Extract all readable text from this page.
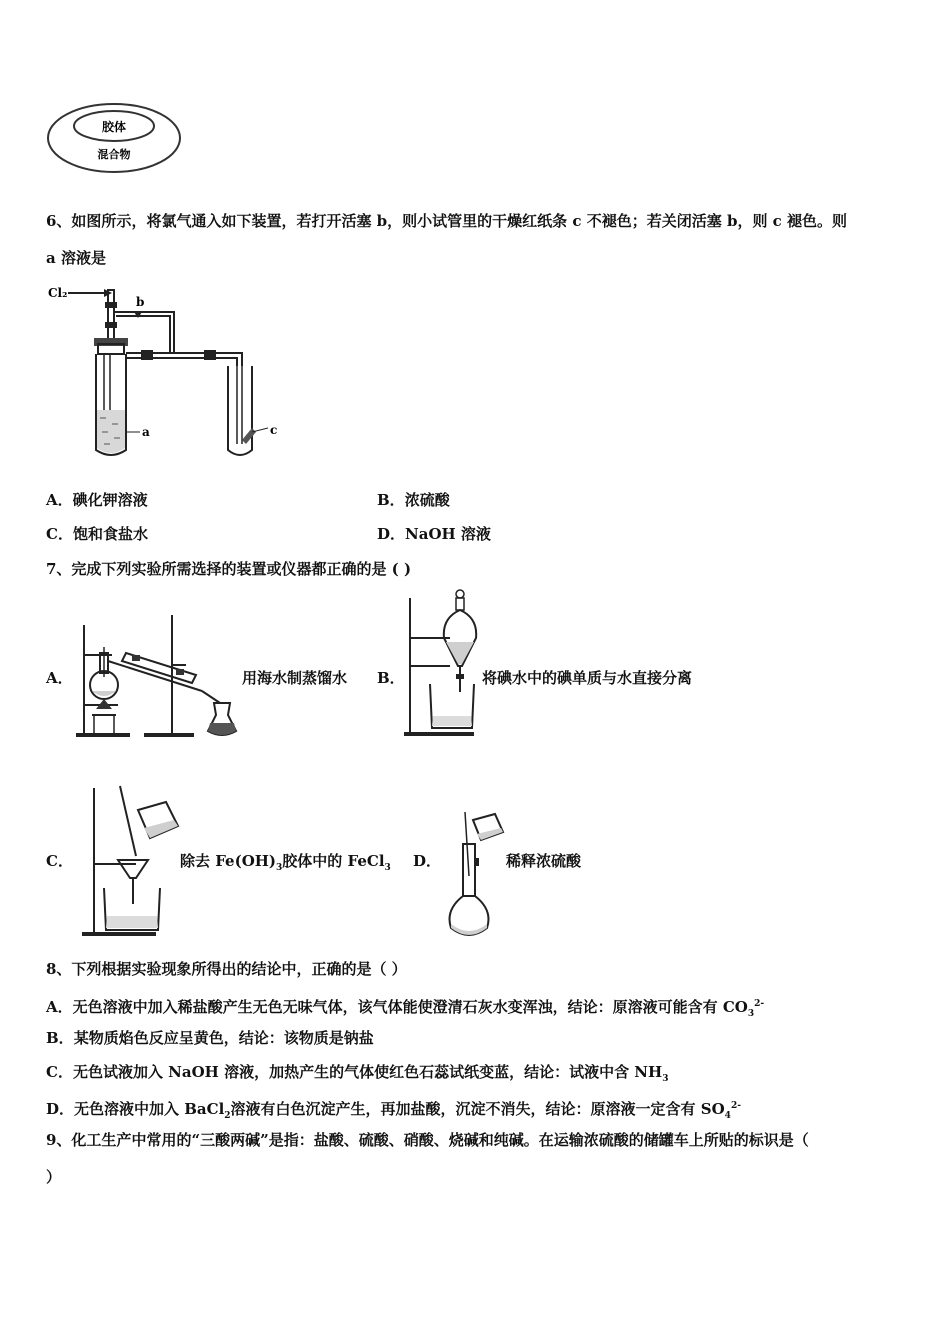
胶体
混合物
6、如图所示，将氯气通入如下装置，若打开活塞 b，则小试管里的干燥红纸条 c 不褪色；若关闭活塞 b，则 c 褪色。则
a 溶液是
Cl₂
b
a	c
A．碘化钾溶液	B．浓硫酸
C．饱和食盐水	D．NaOH 溶液
7、完成下列实验所需选择的装置或仪器都正确的是 ( )
A．	用海水制蒸馏水 B．	将碘水中的碘单质与水直接分离
C．	除去 $Fe(OH)_3$胶体中的 FeCl$_3$ D．	稀释浓硫酸
8、下列根据实验现象所得出的结论中，正确的是（ ）
A．无色溶液中加入稀盐酸产生无色无味气体，该气体能使澄清石灰水变浑浊，结论：原溶液可能含有 $CO_3^{2-}$
B．某物质焰色反应呈黄色，结论：该物质是钠盐
C．无色试液加入 NaOH 溶液，加热产生的气体使红色石蕊试纸变蓝，结论：试液中含 $NH_3$
D．无色溶液中加入 BaCl$_2$溶液有白色沉淀产生，再加盐酸，沉淀不消失，结论：原溶液一定含有 $SO_4^{2-}$
9、化工生产中常用的“三酸两碱”是指：盐酸、硫酸、硝酸、烧碱和纯碱。在运输浓硫酸的储罐车上所贴的标识是（
）
